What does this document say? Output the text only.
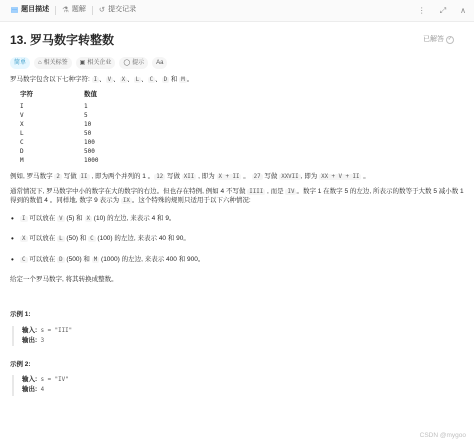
▤ 题目描述 ⚗ 题解 ↺ 提交记录	⋮ ⤢ ∧
13. 罗马数字转整数	已解答 ✓
简单	⌂ 相关标签 ▣ 相关企业 ◯ 提示	Aa

罗马数字包含以下七种字符: I 、 V 、 X 、 L 、 C 、 D 和 M 。

字符	数值
I	1
V	5
X	10
L	50
C	100
D	500
M	1000

例如, 罗马数字 2 写做 II , 即为两个并列的 1 。 12 写做 XII , 即为 X + II 。 27 写做 XXVII , 即为 XX + V + II 。

通常情况下, 罗马数字中小的数字在大的数字的右边。但也存在特例, 例如 4 不写做 IIII , 而是 IV 。数字 1 在数字 5 的左边, 所表示的数等于大数 5 减小数 1 得到的数值 4 。同样地, 数字 9 表示为 IX 。这个特殊的规则只适用于以下六种情况:

• I 可以放在 V (5) 和 X (10) 的左边, 来表示 4 和 9。
• X 可以放在 L (50) 和 C (100) 的左边, 来表示 40 和 90。
• C 可以放在 D (500) 和 M (1000) 的左边, 来表示 400 和 900。

给定一个罗马数字, 将其转换成整数。

示例 1:
输入: s = "III"
输出: 3
示例 2:
输入: s = "IV"
输出: 4
CSDN @mygoo
